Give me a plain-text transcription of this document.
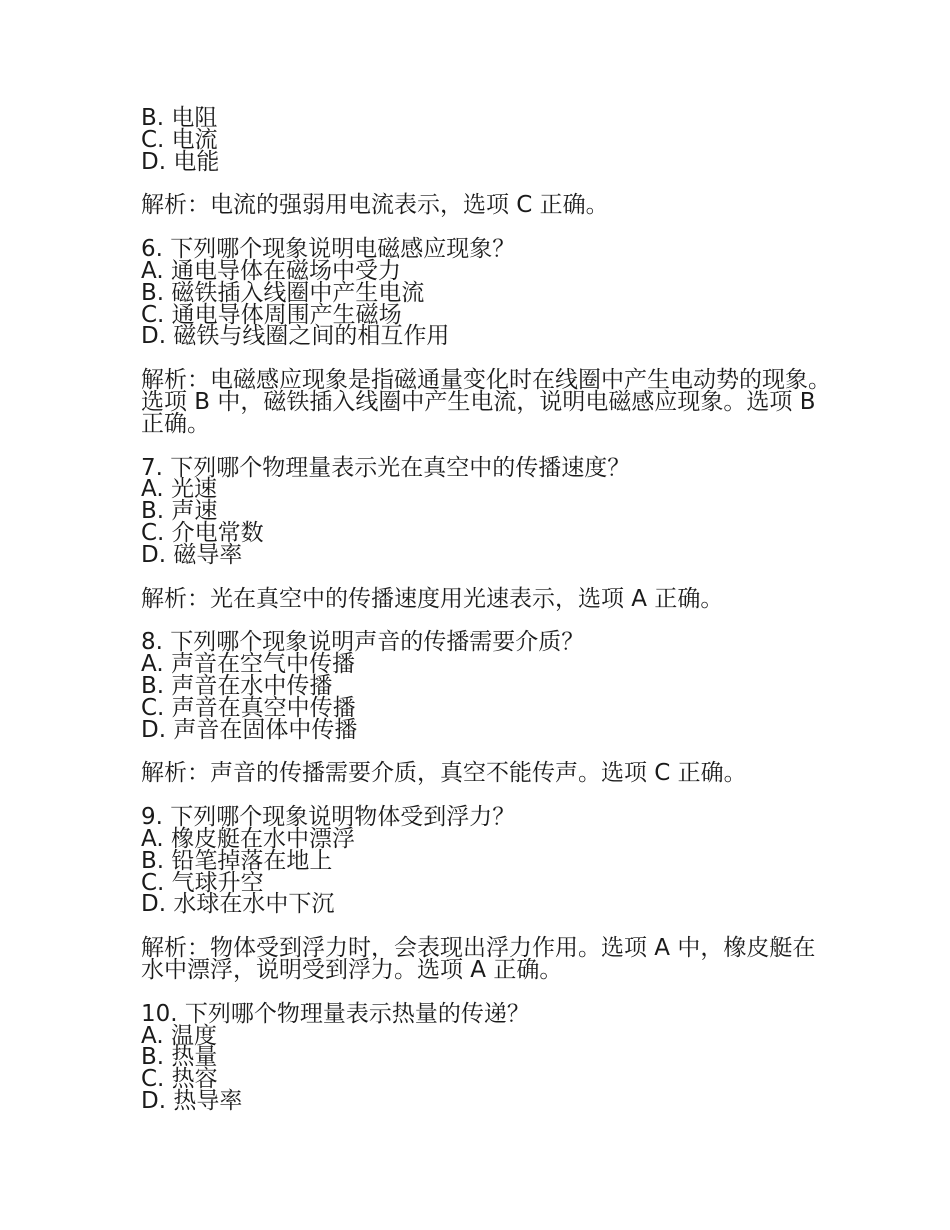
B. 电阻
C. 电流
D. 电能
解析：电流的强弱用电流表示，选项 C 正确。
6. 下列哪个现象说明电磁感应现象？
A. 通电导体在磁场中受力
B. 磁铁插入线圈中产生电流
C. 通电导体周围产生磁场
D. 磁铁与线圈之间的相互作用
解析：电磁感应现象是指磁通量变化时在线圈中产生电动势的现象。选项 B 中，磁铁插入线圈中产生电流，说明电磁感应现象。选项 B 正确。
7. 下列哪个物理量表示光在真空中的传播速度？
A. 光速
B. 声速
C. 介电常数
D. 磁导率
解析：光在真空中的传播速度用光速表示，选项 A 正确。
8. 下列哪个现象说明声音的传播需要介质？
A. 声音在空气中传播
B. 声音在水中传播
C. 声音在真空中传播
D. 声音在固体中传播
解析：声音的传播需要介质，真空不能传声。选项 C 正确。
9. 下列哪个现象说明物体受到浮力？
A. 橡皮艇在水中漂浮
B. 铅笔掉落在地上
C. 气球升空
D. 水球在水中下沉
解析：物体受到浮力时，会表现出浮力作用。选项 A 中，橡皮艇在水中漂浮，说明受到浮力。选项 A 正确。
10. 下列哪个物理量表示热量的传递？
A. 温度
B. 热量
C. 热容
D. 热导率
